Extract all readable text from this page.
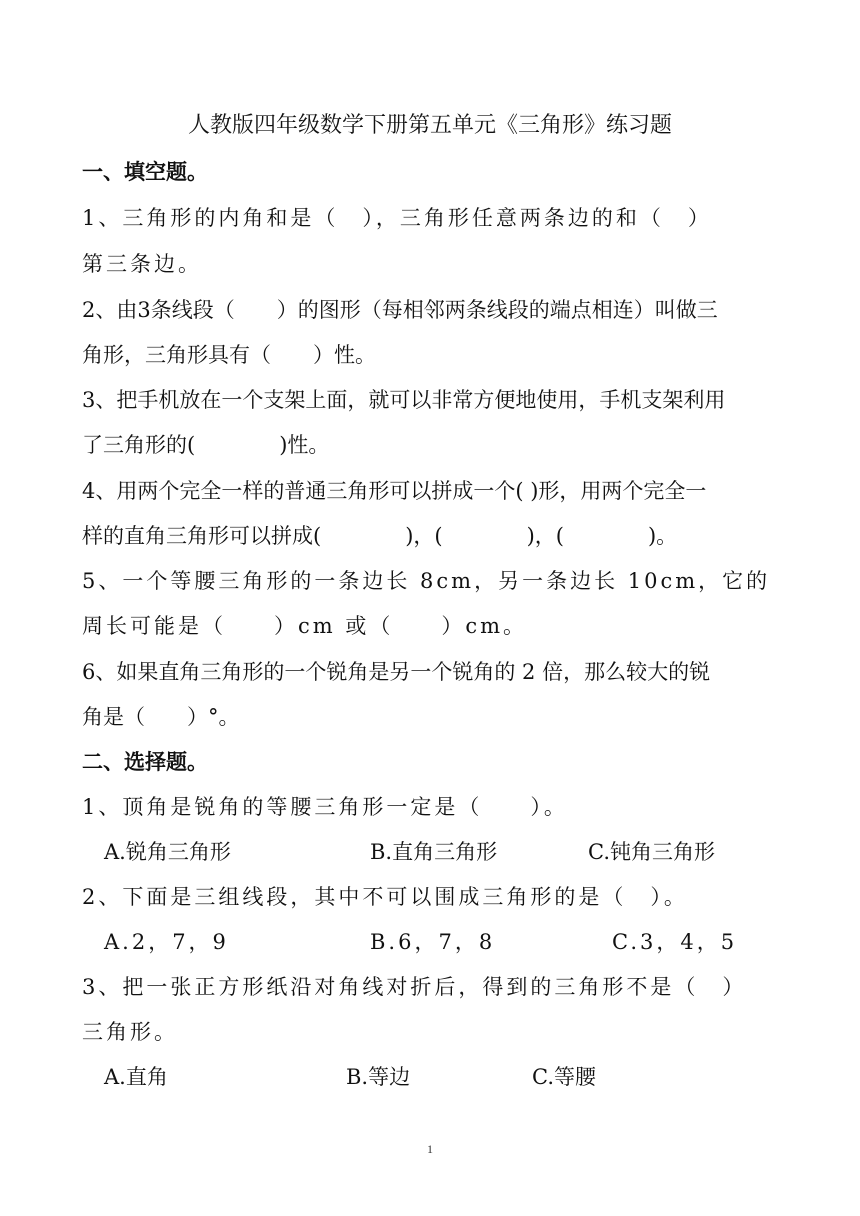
人教版四年级数学下册第五单元《三角形》练习题
一、填空题。
1、三角形的内角和是（　），三角形任意两条边的和（　）
第三条边。
2、由3条线段（　　）的图形（每相邻两条线段的端点相连）叫做三
角形，三角形具有（　　）性。
3、把手机放在一个支架上面，就可以非常方便地使用，手机支架利用
了三角形的(　　　　)性。
4、用两个完全一样的普通三角形可以拼成一个( )形，用两个完全一
样的直角三角形可以拼成(　　　　)，(　　　　)，(　　　　)。
5、一个等腰三角形的一条边长 8cm，另一条边长 10cm，它的
周长可能是（　　）cm 或（　　）cm。
6、如果直角三角形的一个锐角是另一个锐角的 2 倍，那么较大的锐
角是（　　）°。
二、选择题。
1、顶角是锐角的等腰三角形一定是（　　）。
A.锐角三角形	B.直角三角形	C.钝角三角形
2、下面是三组线段，其中不可以围成三角形的是（　）。
A.2，7，9	B.6，7，8	C.3，4，5
3、把一张正方形纸沿对角线对折后，得到的三角形不是（　）
三角形。
A.直角	B.等边	C.等腰
1
